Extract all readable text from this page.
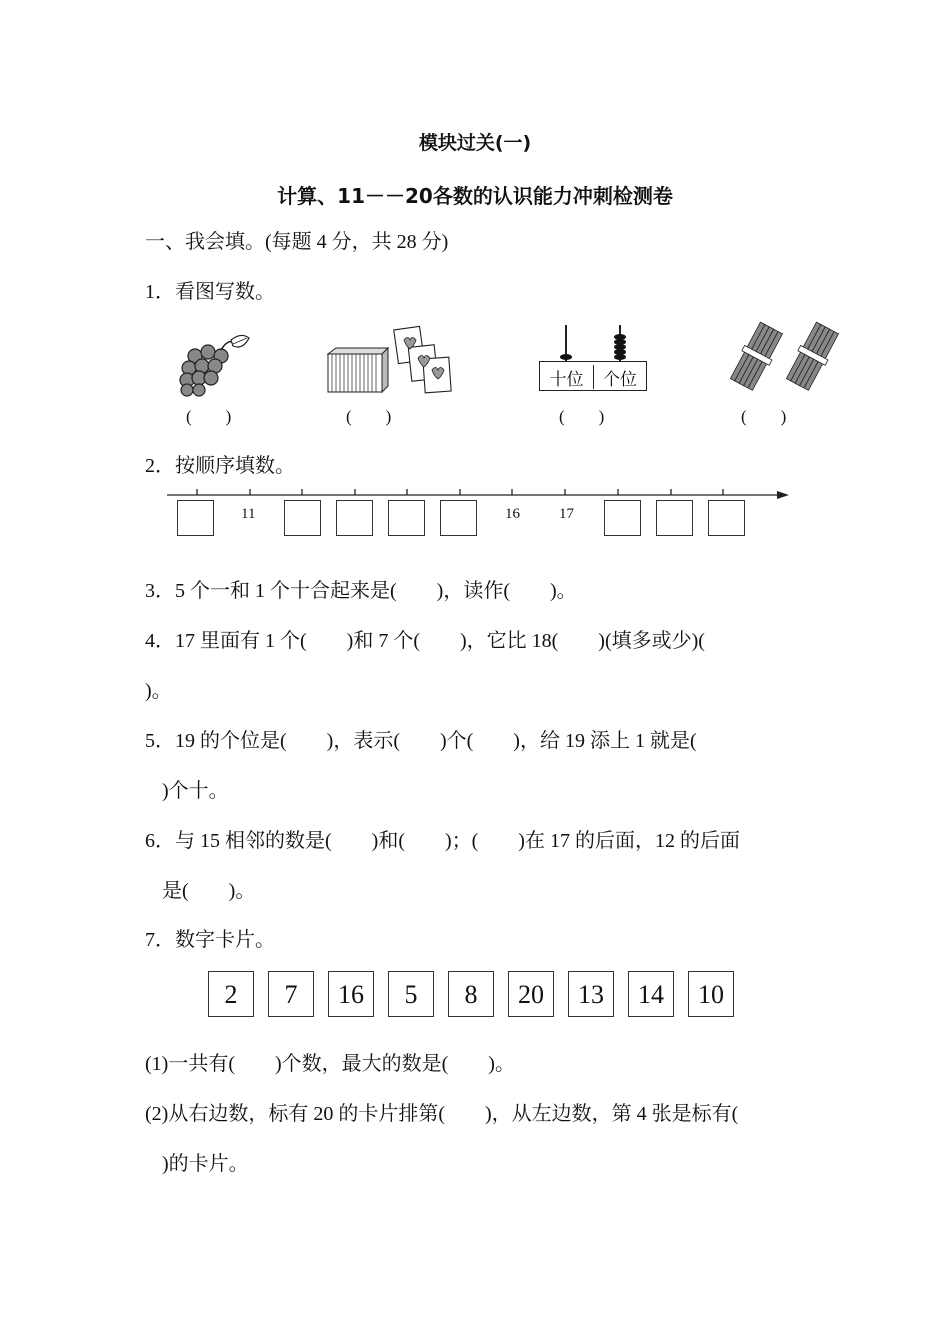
模块过关(一)
计算、11－－20各数的认识能力冲刺检测卷
一、我会填。(每题 4 分，共 28 分)
1．看图写数。
十位	个位
(　　)	(　　)	(　　)	(　　)
2．按顺序填数。
11	16	17
3．5 个一和 1 个十合起来是(　　)，读作(　　)。
4．17 里面有 1 个(　　)和 7 个(　　)，它比 18(　　)(填多或少)(
)。
5．19 的个位是(　　)，表示(　　)个(　　)，给 19 添上 1 就是(
)个十。
6．与 15 相邻的数是(　　)和(　　)；(　　)在 17 的后面，12 的后面
是(　　)。
7．数字卡片。
2	7	16	5	8	20	13	14	10
(1)一共有(　　)个数，最大的数是(　　)。
(2)从右边数，标有 20 的卡片排第(　　)，从左边数，第 4 张是标有(
)的卡片。
